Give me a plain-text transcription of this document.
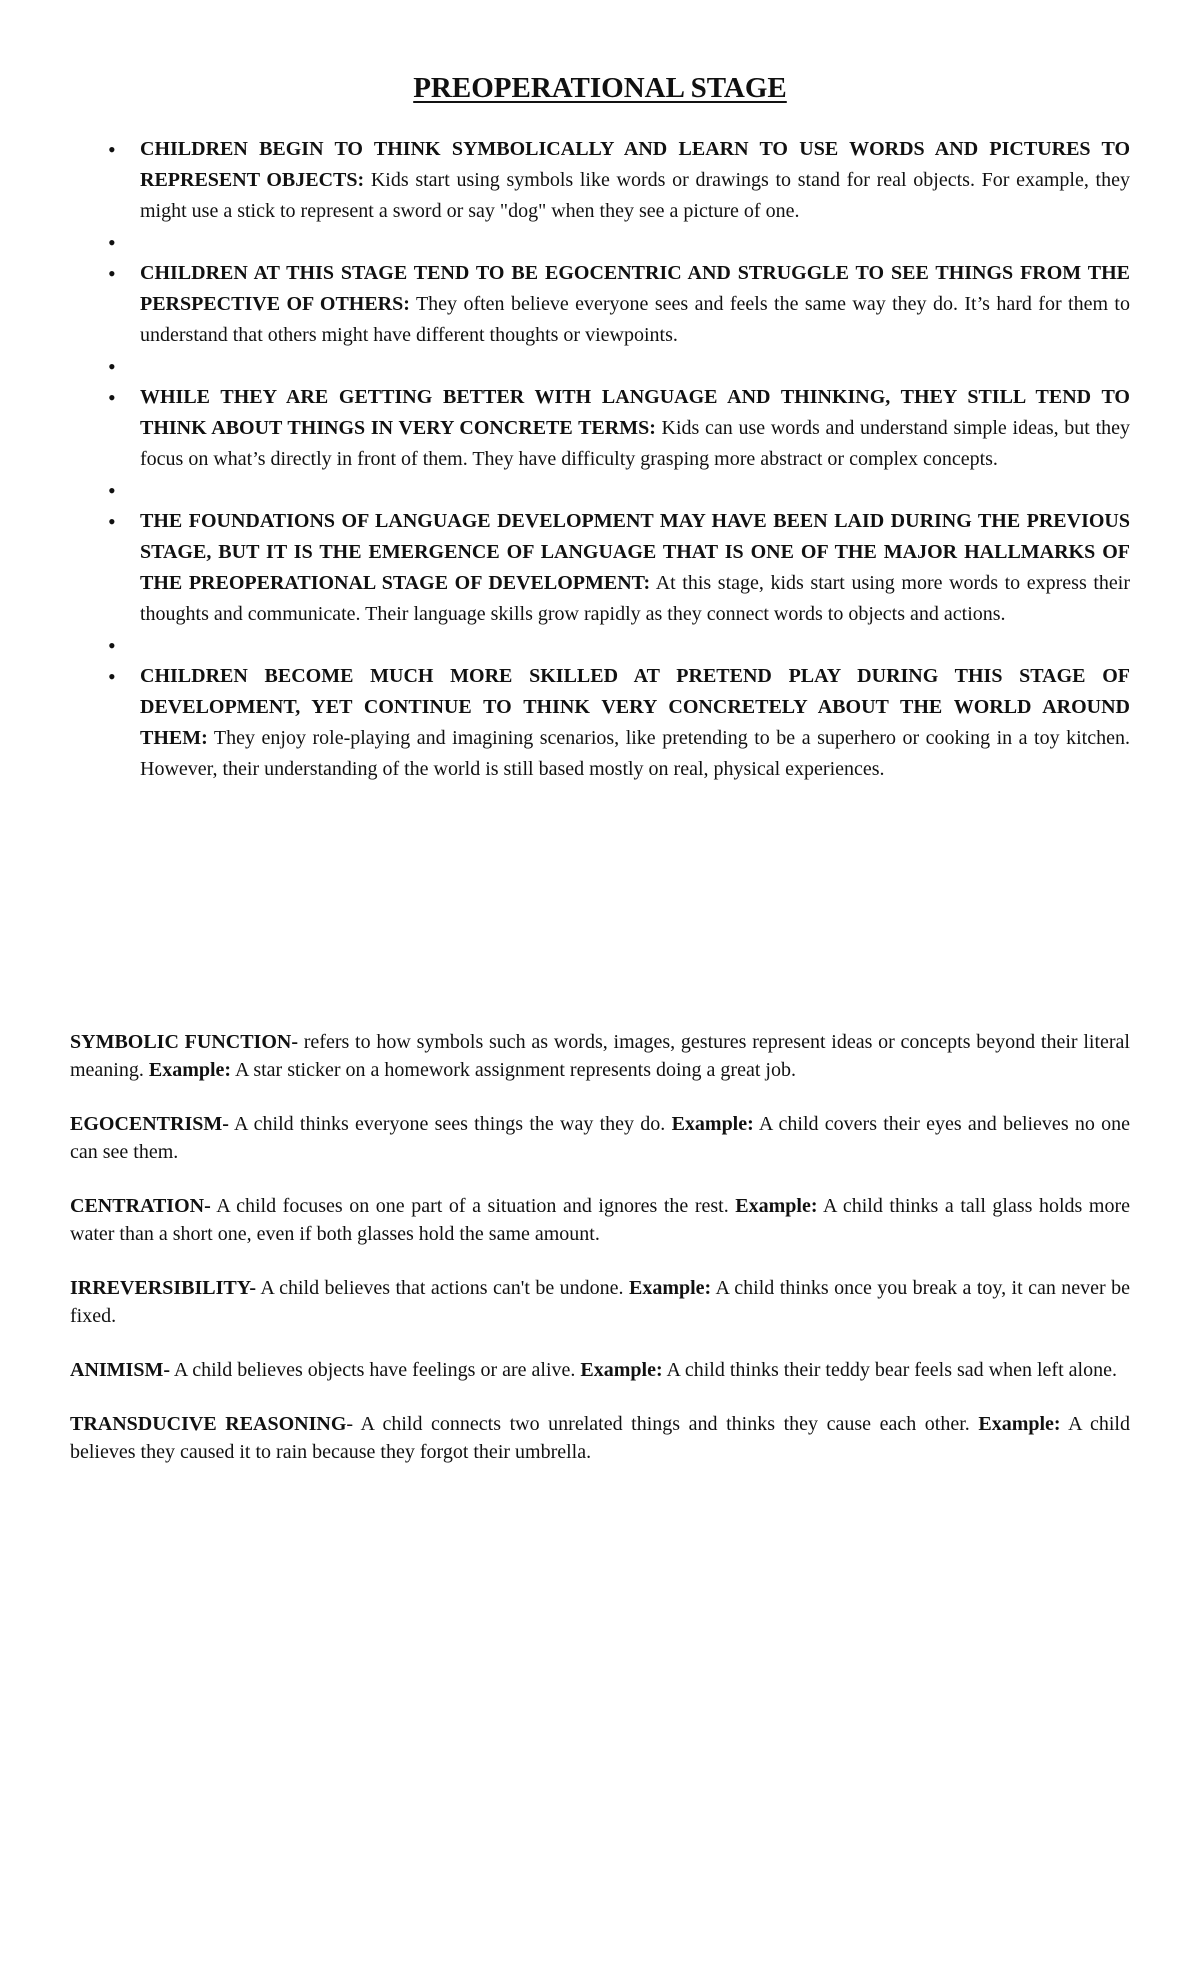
PREOPERATIONAL STAGE
• CHILDREN BEGIN TO THINK SYMBOLICALLY AND LEARN TO USE WORDS AND PICTURES TO REPRESENT OBJECTS: Kids start using symbols like words or drawings to stand for real objects. For example, they might use a stick to represent a sword or say "dog" when they see a picture of one.
•
• CHILDREN AT THIS STAGE TEND TO BE EGOCENTRIC AND STRUGGLE TO SEE THINGS FROM THE PERSPECTIVE OF OTHERS: They often believe everyone sees and feels the same way they do. It’s hard for them to understand that others might have different thoughts or viewpoints.
•
• WHILE THEY ARE GETTING BETTER WITH LANGUAGE AND THINKING, THEY STILL TEND TO THINK ABOUT THINGS IN VERY CONCRETE TERMS: Kids can use words and understand simple ideas, but they focus on what’s directly in front of them. They have difficulty grasping more abstract or complex concepts.
•
• THE FOUNDATIONS OF LANGUAGE DEVELOPMENT MAY HAVE BEEN LAID DURING THE PREVIOUS STAGE, BUT IT IS THE EMERGENCE OF LANGUAGE THAT IS ONE OF THE MAJOR HALLMARKS OF THE PREOPERATIONAL STAGE OF DEVELOPMENT: At this stage, kids start using more words to express their thoughts and communicate. Their language skills grow rapidly as they connect words to objects and actions.
•
• CHILDREN BECOME MUCH MORE SKILLED AT PRETEND PLAY DURING THIS STAGE OF DEVELOPMENT, YET CONTINUE TO THINK VERY CONCRETELY ABOUT THE WORLD AROUND THEM: They enjoy role-playing and imagining scenarios, like pretending to be a superhero or cooking in a toy kitchen. However, their understanding of the world is still based mostly on real, physical experiences.

SYMBOLIC FUNCTION- refers to how symbols such as words, images, gestures represent ideas or concepts beyond their literal meaning. Example: A star sticker on a homework assignment represents doing a great job.

EGOCENTRISM- A child thinks everyone sees things the way they do. Example: A child covers their eyes and believes no one can see them.

CENTRATION- A child focuses on one part of a situation and ignores the rest. Example: A child thinks a tall glass holds more water than a short one, even if both glasses hold the same amount.

IRREVERSIBILITY- A child believes that actions can't be undone. Example: A child thinks once you break a toy, it can never be fixed.

ANIMISM- A child believes objects have feelings or are alive. Example: A child thinks their teddy bear feels sad when left alone.

TRANSDUCIVE REASONING- A child connects two unrelated things and thinks they cause each other. Example: A child believes they caused it to rain because they forgot their umbrella.
